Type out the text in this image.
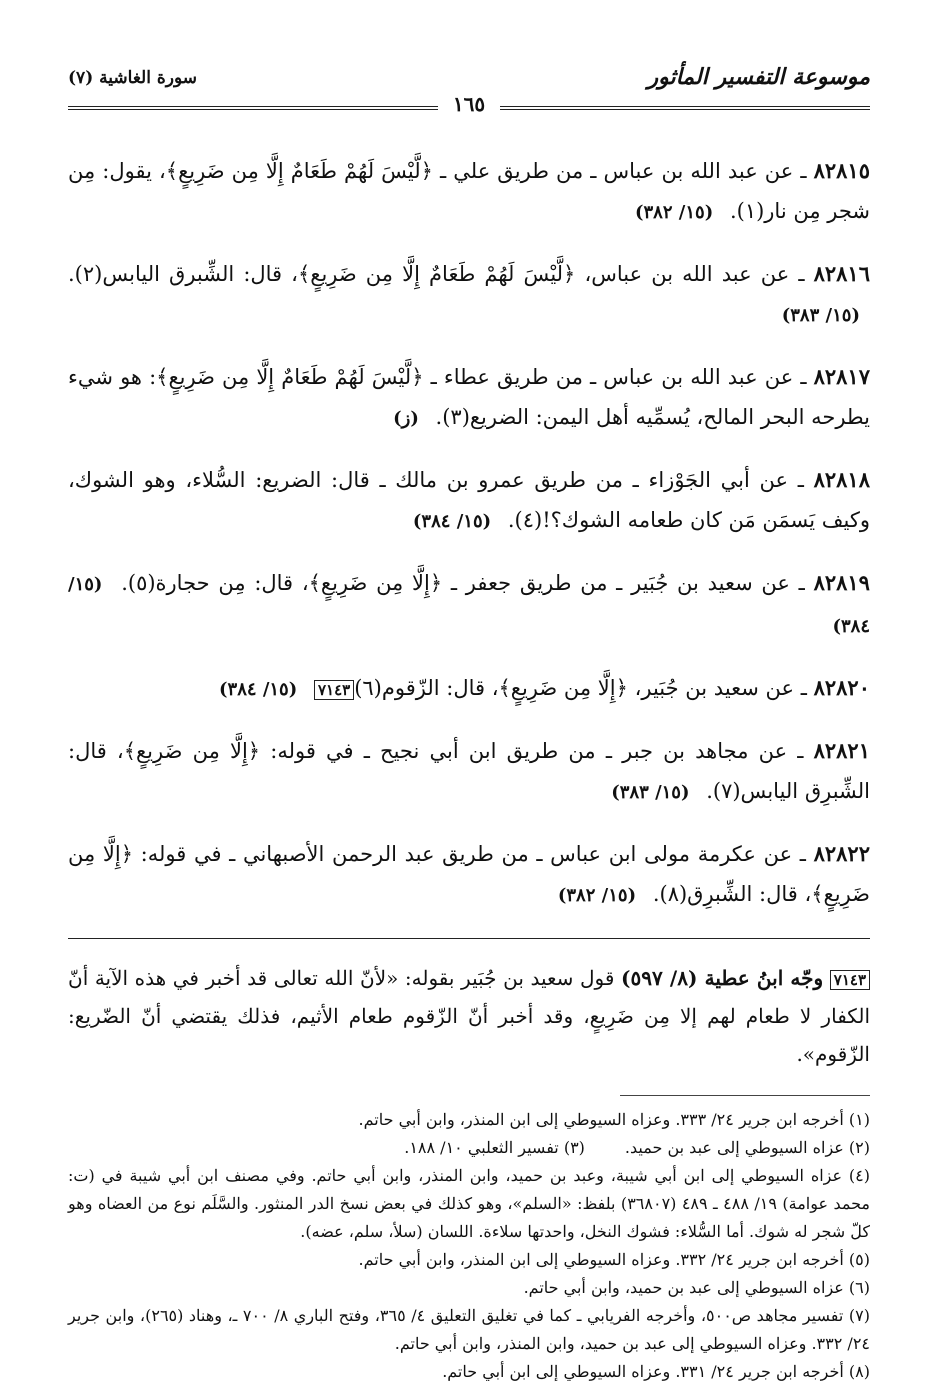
موسوعة التفسير المأثور
سورة الغاشية (٧)
١٦٥

٨٢٨١٥ ـ عن عبد الله بن عباس ـ من طريق علي ـ ﴿لَّيْسَ لَهُمْ طَعَامٌ إِلَّا مِن ضَرِيعٍ﴾، يقول: مِن شجر مِن نار(١). (١٥/ ٣٨٢)

٨٢٨١٦ ـ عن عبد الله بن عباس، ﴿لَّيْسَ لَهُمْ طَعَامٌ إِلَّا مِن ضَرِيعٍ﴾، قال: الشِّبرق اليابس(٢). (١٥/ ٣٨٣)

٨٢٨١٧ ـ عن عبد الله بن عباس ـ من طريق عطاء ـ ﴿لَّيْسَ لَهُمْ طَعَامٌ إِلَّا مِن ضَرِيعٍ﴾: هو شيء يطرحه البحر المالح، يُسمِّيه أهل اليمن: الضريع(٣). (ز)

٨٢٨١٨ ـ عن أبي الجَوْزاء ـ من طريق عمرو بن مالك ـ قال: الضريع: السُّلاء، وهو الشوك، وكيف يَسمَن مَن كان طعامه الشوك؟!(٤). (١٥/ ٣٨٤)

٨٢٨١٩ ـ عن سعيد بن جُبَير ـ من طريق جعفر ـ ﴿إِلَّا مِن ضَرِيعٍ﴾، قال: مِن حجارة(٥). (١٥/ ٣٨٤)

٨٢٨٢٠ ـ عن سعيد بن جُبَير، ﴿إِلَّا مِن ضَرِيعٍ﴾، قال: الزّقوم(٦)٧١٤٣ (١٥/ ٣٨٤)

٨٢٨٢١ ـ عن مجاهد بن جبر ـ من طريق ابن أبي نجيح ـ في قوله: ﴿إِلَّا مِن ضَرِيعٍ﴾، قال: الشِّبرِق اليابس(٧). (١٥/ ٣٨٣)

٨٢٨٢٢ ـ عن عكرمة مولى ابن عباس ـ من طريق عبد الرحمن الأصبهاني ـ في قوله: ﴿إِلَّا مِن ضَرِيعٍ﴾، قال: الشِّبرِق(٨). (١٥/ ٣٨٢)

٧١٤٣ وجّه ابنُ عطية (٨/ ٥٩٧) قول سعيد بن جُبَير بقوله: «لأنّ الله تعالى قد أخبر في هذه الآية أنّ الكفار لا طعام لهم إلا مِن ضَرِيعٍ، وقد أخبر أنّ الزّقوم طعام الأثيم، فذلك يقتضي أنّ الضّريع: الزّقوم».

(١) أخرجه ابن جرير ٢٤/ ٣٣٣. وعزاه السيوطي إلى ابن المنذر، وابن أبي حاتم.
(٢) عزاه السيوطي إلى عبد بن حميد.
(٣) تفسير الثعلبي ١٠/ ١٨٨.
(٤) عزاه السيوطي إلى ابن أبي شيبة، وعبد بن حميد، وابن المنذر، وابن أبي حاتم. وفي مصنف ابن أبي شيبة في (ت: محمد عوامة) ١٩/ ٤٨٨ ـ ٤٨٩ (٣٦٨٠٧) بلفظ: «السلم»، وهو كذلك في بعض نسخ الدر المنثور. والسَّلَم نوع من العضاه وهو كلّ شجر له شوك. أما السُّلاء: فشوك النخل، واحدتها سلاءة. اللسان (سلأ، سلم، عضه).
(٥) أخرجه ابن جرير ٢٤/ ٣٣٢. وعزاه السيوطي إلى ابن المنذر، وابن أبي حاتم.
(٦) عزاه السيوطي إلى عبد بن حميد، وابن أبي حاتم.
(٧) تفسير مجاهد ص٥٠٠، وأخرجه الفريابي ـ كما في تغليق التعليق ٤/ ٣٦٥، وفتح الباري ٨/ ٧٠٠ ـ، وهناد (٢٦٥)، وابن جرير ٢٤/ ٣٣٢. وعزاه السيوطي إلى عبد بن حميد، وابن المنذر، وابن أبي حاتم.
(٨) أخرجه ابن جرير ٢٤/ ٣٣١. وعزاه السيوطي إلى ابن أبي حاتم.
